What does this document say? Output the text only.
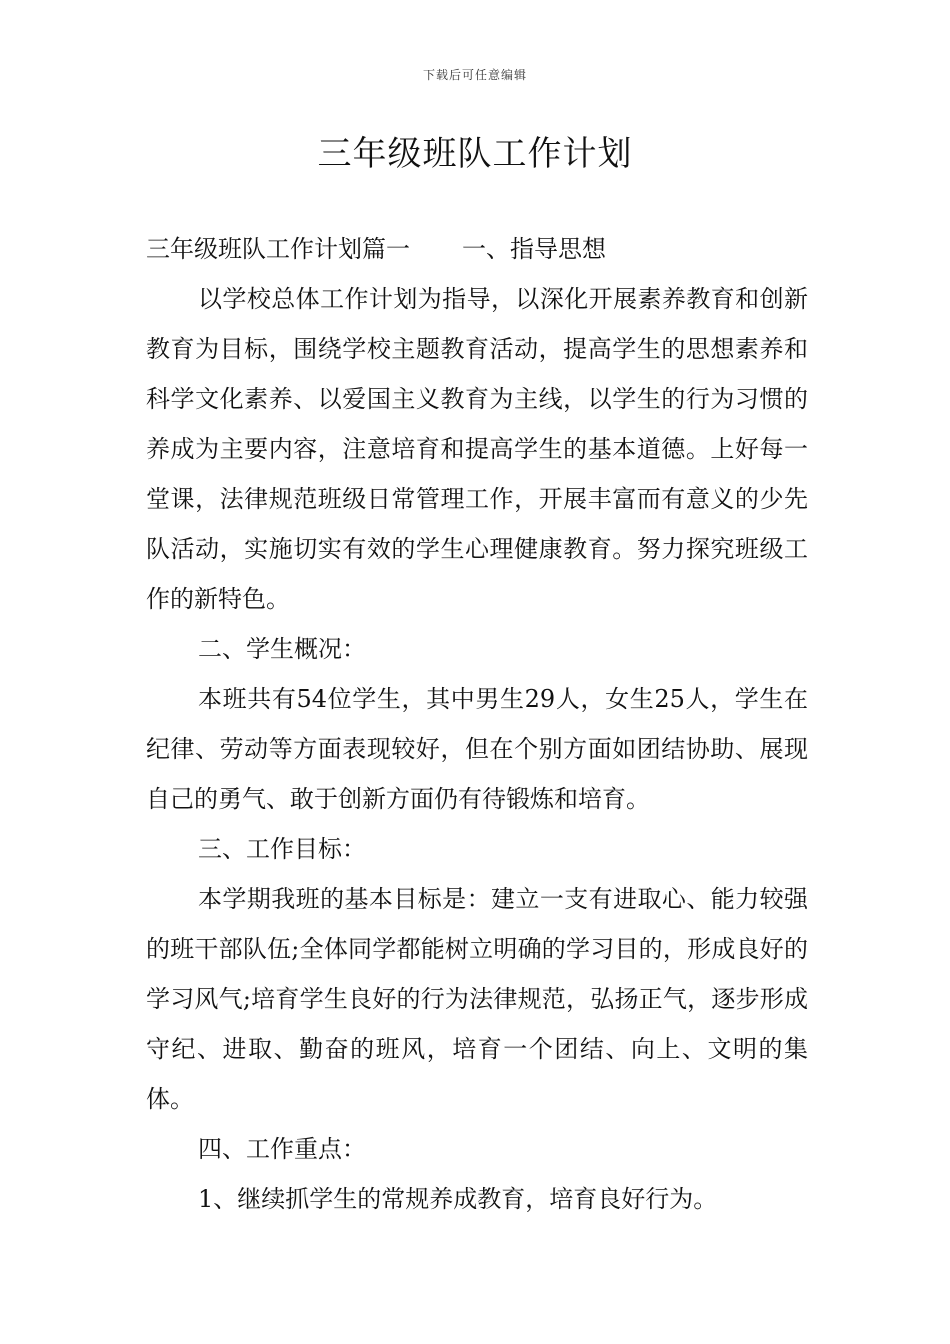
下载后可任意编辑
三年级班队工作计划

三年级班队工作计划篇一 一、指导思想

以学校总体工作计划为指导，以深化开展素养教育和创新教育为目标，围绕学校主题教育活动，提高学生的思想素养和科学文化素养、以爱国主义教育为主线，以学生的行为习惯的养成为主要内容，注意培育和提高学生的基本道德。上好每一堂课，法律规范班级日常管理工作，开展丰富而有意义的少先队活动，实施切实有效的学生心理健康教育。努力探究班级工作的新特色。

二、学生概况：

本班共有54位学生，其中男生29人，女生25人，学生在纪律、劳动等方面表现较好，但在个别方面如团结协助、展现自己的勇气、敢于创新方面仍有待锻炼和培育。

三、工作目标：

本学期我班的基本目标是：建立一支有进取心、能力较强的班干部队伍;全体同学都能树立明确的学习目的，形成良好的学习风气;培育学生良好的行为法律规范，弘扬正气，逐步形成守纪、进取、勤奋的班风，培育一个团结、向上、文明的集体。

四、工作重点：

1、继续抓学生的常规养成教育，培育良好行为。
